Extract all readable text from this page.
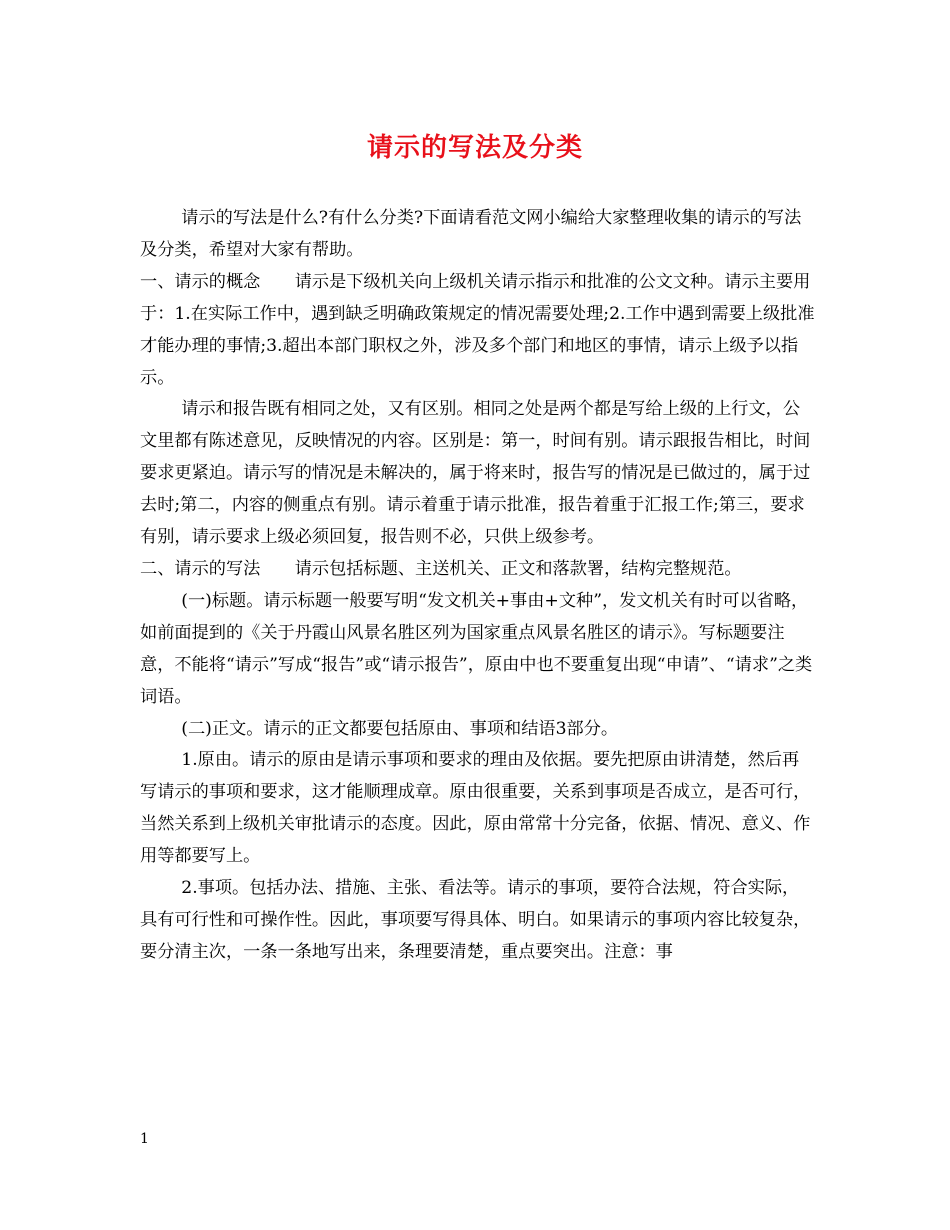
请示的写法及分类

请示的写法是什么?有什么分类?下面请看范文网小编给大家整理收集的请示的写法及分类，希望对大家有帮助。

一、请示的概念　　请示是下级机关向上级机关请示指示和批准的公文文种。请示主要用于：1.在实际工作中，遇到缺乏明确政策规定的情况需要处理;2.工作中遇到需要上级批准才能办理的事情;3.超出本部门职权之外，涉及多个部门和地区的事情，请示上级予以指示。

请示和报告既有相同之处，又有区别。相同之处是两个都是写给上级的上行文，公文里都有陈述意见，反映情况的内容。区别是：第一，时间有别。请示跟报告相比，时间要求更紧迫。请示写的情况是未解决的，属于将来时，报告写的情况是已做过的，属于过去时;第二，内容的侧重点有别。请示着重于请示批准，报告着重于汇报工作;第三，要求有别，请示要求上级必须回复，报告则不必，只供上级参考。

二、请示的写法　　请示包括标题、主送机关、正文和落款署，结构完整规范。

(一)标题。请示标题一般要写明“发文机关+事由+文种”，发文机关有时可以省略，如前面提到的《关于丹霞山风景名胜区列为国家重点风景名胜区的请示》。写标题要注意，不能将“请示”写成“报告”或“请示报告”，原由中也不要重复出现“申请”、“请求”之类词语。

(二)正文。请示的正文都要包括原由、事项和结语3部分。

1.原由。请示的原由是请示事项和要求的理由及依据。要先把原由讲清楚，然后再写请示的事项和要求，这才能顺理成章。原由很重要，关系到事项是否成立，是否可行，当然关系到上级机关审批请示的态度。因此，原由常常十分完备，依据、情况、意义、作用等都要写上。

2.事项。包括办法、措施、主张、看法等。请示的事项，要符合法规，符合实际，具有可行性和可操作性。因此，事项要写得具体、明白。如果请示的事项内容比较复杂，要分清主次，一条一条地写出来，条理要清楚，重点要突出。注意：事

1
